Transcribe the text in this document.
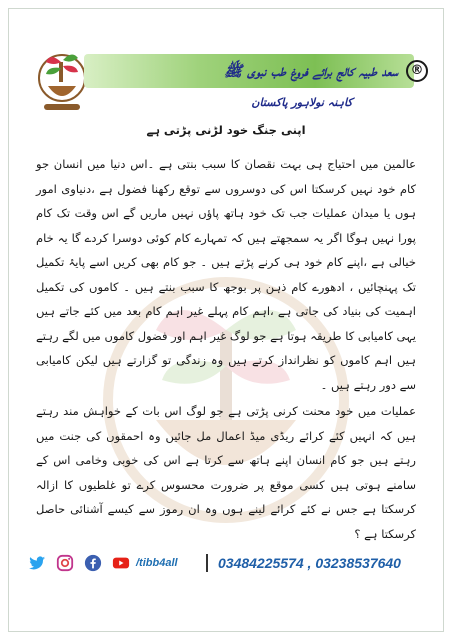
سعد طبیہ کالج برائے فروغ طب نبوی ﷺ ®
کاہنہ نولاہور پاکستان
اپنی جنگ خود لڑنی پڑتی ہے

عالمین میں احتیاج ہی بہت نقصان کا سبب بنتی ہے ۔اس دنیا میں انسان جو کام خود نہیں کرسکتا اس کی دوسروں سے توقع رکھنا فضول ہے ،دنیاوی امور ہوں یا میدان عملیات جب تک خود ہاتھ پاؤں نہیں ماریں گے اس وقت تک کام پورا نہیں ہوگا اگر یہ سمجھتے ہیں کہ تمہارے کام کوئی دوسرا کردے گا یہ خام خیالی ہے ،اپنے کام خود ہی کرنے پڑتے ہیں ۔ جو کام بھی کریں اسے پایۂ تکمیل تک پہنچائیں ، ادھورے کام ذہن پر بوجھ کا سبب بنتے ہیں ۔ کاموں کی تکمیل اہمیت کی بنیاد کی جاتی ہے ،اہم کام پہلے غیر اہم کام بعد میں کئے جاتے ہیں یہی کامیابی کا طریقہ ہوتا ہے جو لوگ غیر اہم اور فضول کاموں میں لگے رہتے ہیں اہم کاموں کو نظرانداز کرتے ہیں وہ زندگی تو گزارتے ہیں لیکن کامیابی سے دور رہتے ہیں ۔

عملیات میں خود محنت کرنی پڑتی ہے جو لوگ اس بات کے خواہش مند رہتے ہیں کہ انہیں کئے کرائے ریڈی میڈ اعمال مل جائیں وہ احمقوں کی جنت میں رہتے ہیں جو کام انسان اپنے ہاتھ سے کرتا ہے اس کی خوبی وخامی اس کے سامنے ہوتی ہیں کسی موقع پر ضرورت محسوس کرے تو غلطیوں کا ازالہ کرسکتا ہے جس نے کئے کرائے لینے ہوں وہ ان رموز سے کیسے آشنائی حاصل کرسکتا ہے ؟

/tibb4all	03484225574 , 03238537640
